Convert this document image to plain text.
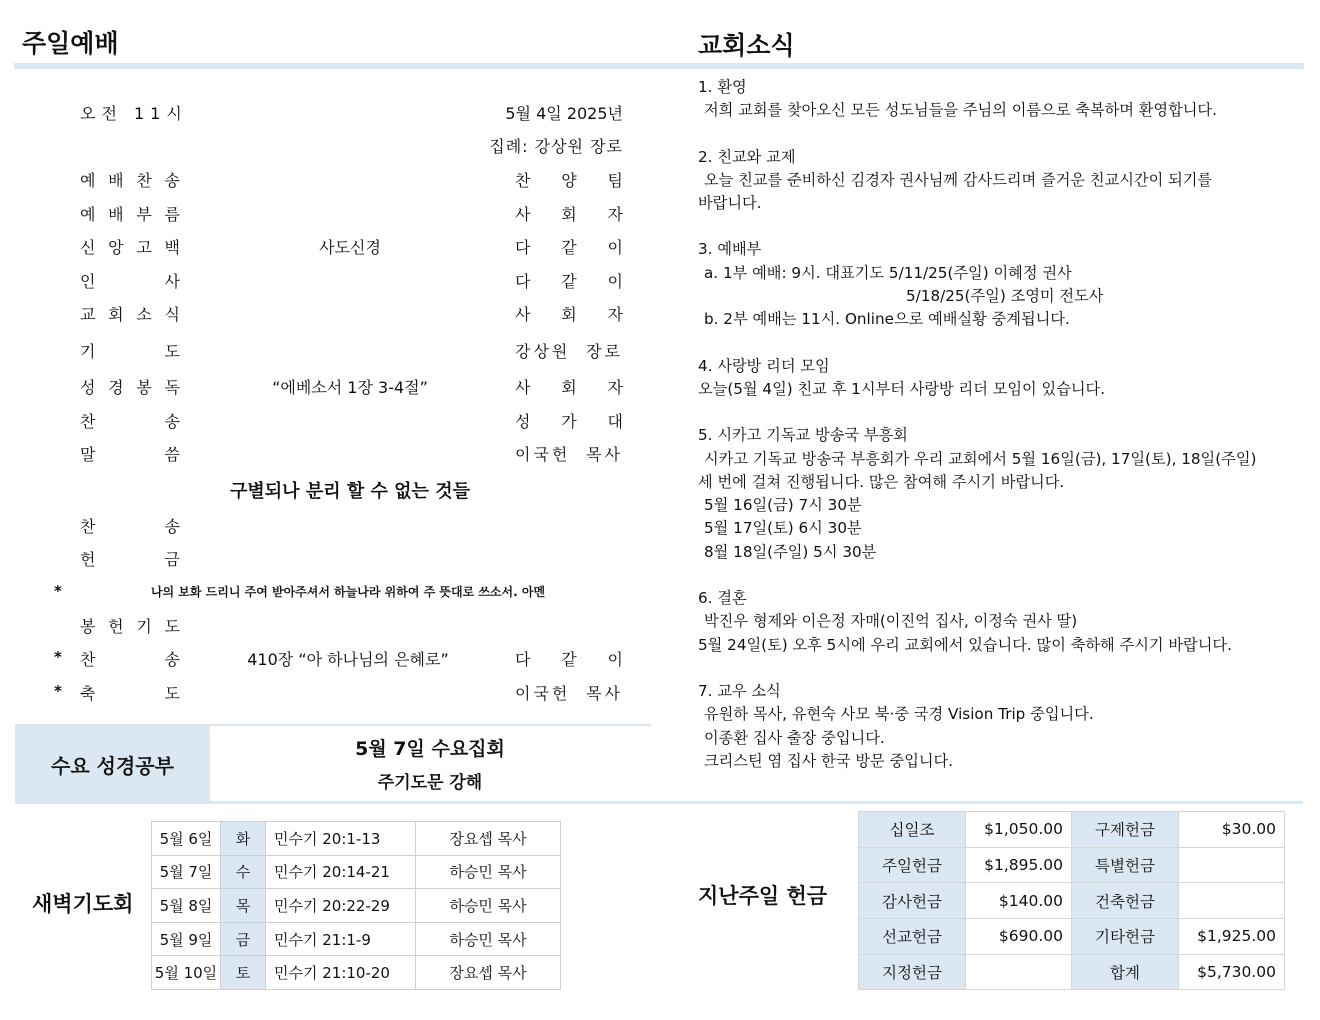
주일예배	교회소식
오전 11시	5월 4일 2025년
집례: 강상원 장로
예 배 찬 송	찬 양 팀
예 배 부 름	사 회 자
신 앙 고 백	사도신경	다 같 이
인	사	다 같 이
교 회 소 식	사 회 자
기	도	강상원 장로
성 경 봉 독	“에베소서 1장 3-4절”	사 회 자
찬	송	성 가 대
말	씀	이국헌 목사
구별되나 분리 할 수 없는 것들
찬	송
헌	금
*	나의 보화 드리니 주여 받아주셔서 하늘나라 위하여 주 뜻대로 쓰소서. 아멘
봉 헌 기 도
* 찬	송	410장 “아 하나님의 은혜로”	다 같 이
* 축	도	이국헌 목사
수요 성경공부
5월 7일 수요집회
주기도문 강해
새벽기도회
5월 6일	화	민수기 20:1-13	장요셉 목사
5월 7일	수	민수기 20:14-21	하승민 목사
5월 8일	목	민수기 20:22-29	하승민 목사
5월 9일	금	민수기 21:1-9	하승민 목사
5월 10일	토	민수기 21:10-20	장요셉 목사
1. 환영
저희 교회를 찾아오신 모든 성도님들을 주님의 이름으로 축복하며 환영합니다.
2. 친교와 교제
오늘 친교를 준비하신 김경자 권사님께 감사드리며 즐거운 친교시간이 되기를
바랍니다.
3. 예배부
a. 1부 예배: 9시. 대표기도 5/11/25(주일) 이혜정 권사
5/18/25(주일) 조영미 전도사
b. 2부 예배는 11시. Online으로 예배실황 중계됩니다.
4. 사랑방 리더 모임
오늘(5월 4일) 친교 후 1시부터 사랑방 리더 모임이 있습니다.
5. 시카고 기독교 방송국 부흥회
시카고 기독교 방송국 부흥회가 우리 교회에서 5월 16일(금), 17일(토), 18일(주일)
세 번에 걸쳐 진행됩니다. 많은 참여해 주시기 바랍니다.
5월 16일(금) 7시 30분
5월 17일(토) 6시 30분
8월 18일(주일) 5시 30분
6. 결혼
박진우 형제와 이은정 자매(이진억 집사, 이정숙 권사 딸)
5월 24일(토) 오후 5시에 우리 교회에서 있습니다. 많이 축하해 주시기 바랍니다.
7. 교우 소식
유원하 목사, 유현숙 사모 북·중 국경 Vision Trip 중입니다.
이종환 집사 출장 중입니다.
크리스틴 염 집사 한국 방문 중입니다.
지난주일 헌금
십일조	$1,050.00	구제헌금	$30.00
주일헌금	$1,895.00	특별헌금	
감사헌금	$140.00	건축헌금	
선교헌금	$690.00	기타헌금	$1,925.00
지정헌금		합계	$5,730.00
